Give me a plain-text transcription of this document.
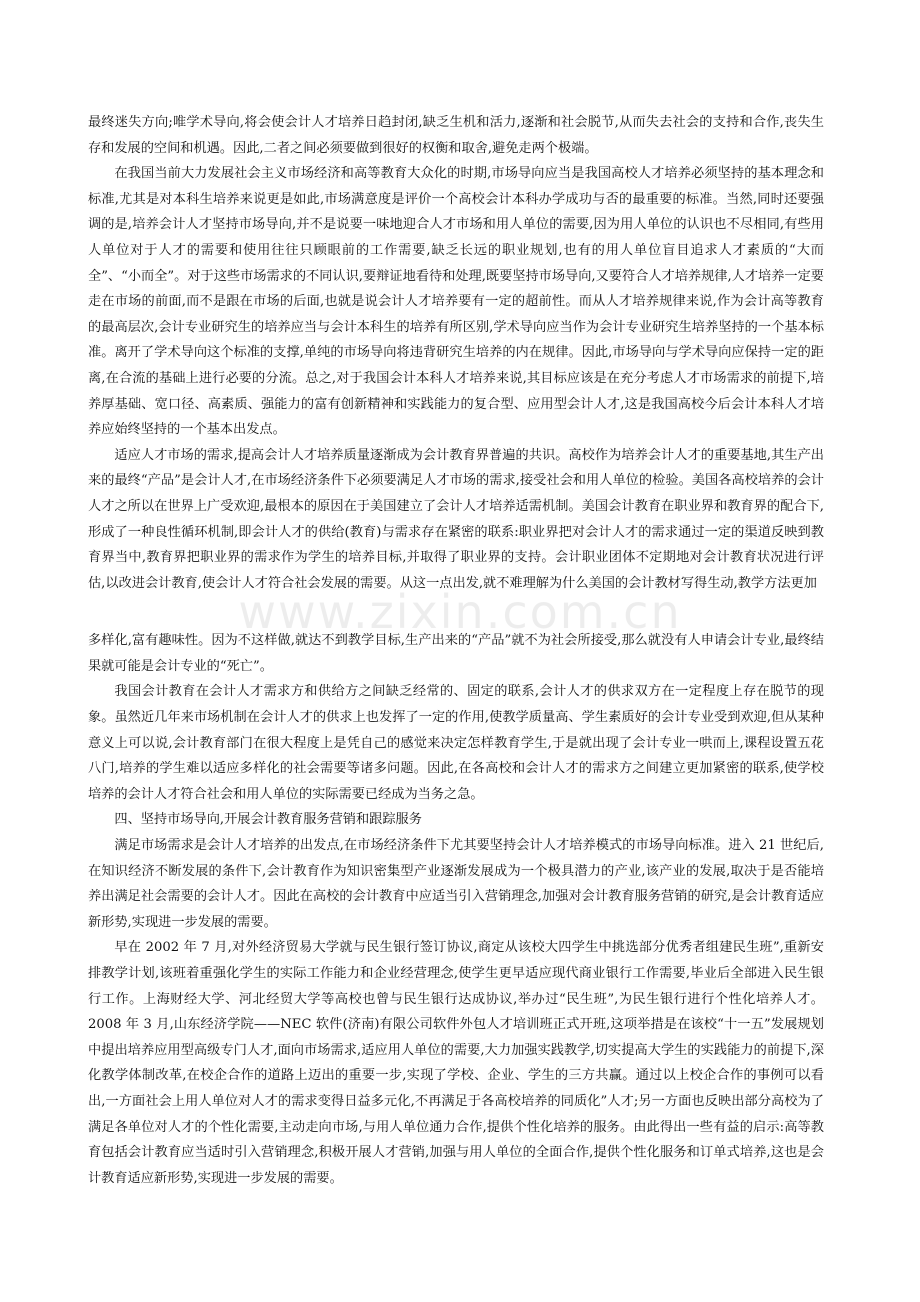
www.zixin.com.cn

最终迷失方向;唯学术导向,将会使会计人才培养日趋封闭,缺乏生机和活力,逐渐和社会脱节,从而失去社会的支持和合作,丧失生存和发展的空间和机遇。因此,二者之间必须要做到很好的权衡和取舍,避免走两个极端。

在我国当前大力发展社会主义市场经济和高等教育大众化的时期,市场导向应当是我国高校人才培养必须坚持的基本理念和标准,尤其是对本科生培养来说更是如此,市场满意度是评价一个高校会计本科办学成功与否的最重要的标准。当然,同时还要强调的是,培养会计人才坚持市场导向,并不是说要一味地迎合人才市场和用人单位的需要,因为用人单位的认识也不尽相同,有些用人单位对于人才的需要和使用往往只顾眼前的工作需要,缺乏长远的职业规划,也有的用人单位盲目追求人才素质的“大而全”、“小而全”。对于这些市场需求的不同认识,要辩证地看待和处理,既要坚持市场导向,又要符合人才培养规律,人才培养一定要走在市场的前面,而不是跟在市场的后面,也就是说会计人才培养要有一定的超前性。而从人才培养规律来说,作为会计高等教育的最高层次,会计专业研究生的培养应当与会计本科生的培养有所区别,学术导向应当作为会计专业研究生培养坚持的一个基本标准。离开了学术导向这个标准的支撑,单纯的市场导向将违背研究生培养的内在规律。因此,市场导向与学术导向应保持一定的距离,在合流的基础上进行必要的分流。总之,对于我国会计本科人才培养来说,其目标应该是在充分考虑人才市场需求的前提下,培养厚基础、宽口径、高素质、强能力的富有创新精神和实践能力的复合型、应用型会计人才,这是我国高校今后会计本科人才培养应始终坚持的一个基本出发点。

适应人才市场的需求,提高会计人才培养质量逐渐成为会计教育界普遍的共识。高校作为培养会计人才的重要基地,其生产出来的最终“产品”是会计人才,在市场经济条件下必须要满足人才市场的需求,接受社会和用人单位的检验。美国各高校培养的会计人才之所以在世界上广受欢迎,最根本的原因在于美国建立了会计人才培养适需机制。美国会计教育在职业界和教育界的配合下,形成了一种良性循环机制,即会计人才的供给(教育)与需求存在紧密的联系:职业界把对会计人才的需求通过一定的渠道反映到教育界当中,教育界把职业界的需求作为学生的培养目标,并取得了职业界的支持。会计职业团体不定期地对会计教育状况进行评估,以改进会计教育,使会计人才符合社会发展的需要。从这一点出发,就不难理解为什么美国的会计教材写得生动,教学方法更加

多样化,富有趣味性。因为不这样做,就达不到教学目标,生产出来的“产品”就不为社会所接受,那么就没有人申请会计专业,最终结果就可能是会计专业的“死亡”。

我国会计教育在会计人才需求方和供给方之间缺乏经常的、固定的联系,会计人才的供求双方在一定程度上存在脱节的现象。虽然近几年来市场机制在会计人才的供求上也发挥了一定的作用,使教学质量高、学生素质好的会计专业受到欢迎,但从某种意义上可以说,会计教育部门在很大程度上是凭自己的感觉来决定怎样教育学生,于是就出现了会计专业一哄而上,课程设置五花八门,培养的学生难以适应多样化的社会需要等诸多问题。因此,在各高校和会计人才的需求方之间建立更加紧密的联系,使学校培养的会计人才符合社会和用人单位的实际需要已经成为当务之急。

四、坚持市场导向,开展会计教育服务营销和跟踪服务

满足市场需求是会计人才培养的出发点,在市场经济条件下尤其要坚持会计人才培养模式的市场导向标准。进入 21 世纪后,在知识经济不断发展的条件下,会计教育作为知识密集型产业逐渐发展成为一个极具潜力的产业,该产业的发展,取决于是否能培养出满足社会需要的会计人才。因此在高校的会计教育中应适当引入营销理念,加强对会计教育服务营销的研究,是会计教育适应新形势,实现进一步发展的需要。

早在 2002 年 7 月,对外经济贸易大学就与民生银行签订协议,商定从该校大四学生中挑选部分优秀者组建民生班”,重新安排教学计划,该班着重强化学生的实际工作能力和企业经营理念,使学生更早适应现代商业银行工作需要,毕业后全部进入民生银行工作。上海财经大学、河北经贸大学等高校也曾与民生银行达成协议,举办过“民生班”,为民生银行进行个性化培养人才。2008 年 3 月,山东经济学院——NEC 软件(济南)有限公司软件外包人才培训班正式开班,这项举措是在该校“十一五”发展规划中提出培养应用型高级专门人才,面向市场需求,适应用人单位的需要,大力加强实践教学,切实提高大学生的实践能力的前提下,深化教学体制改革,在校企合作的道路上迈出的重要一步,实现了学校、企业、学生的三方共赢。通过以上校企合作的事例可以看出,一方面社会上用人单位对人才的需求变得日益多元化,不再满足于各高校培养的同质化”人才;另一方面也反映出部分高校为了满足各单位对人才的个性化需要,主动走向市场,与用人单位通力合作,提供个性化培养的服务。由此得出一些有益的启示:高等教育包括会计教育应当适时引入营销理念,积极开展人才营销,加强与用人单位的全面合作,提供个性化服务和订单式培养,这也是会计教育适应新形势,实现进一步发展的需要。
